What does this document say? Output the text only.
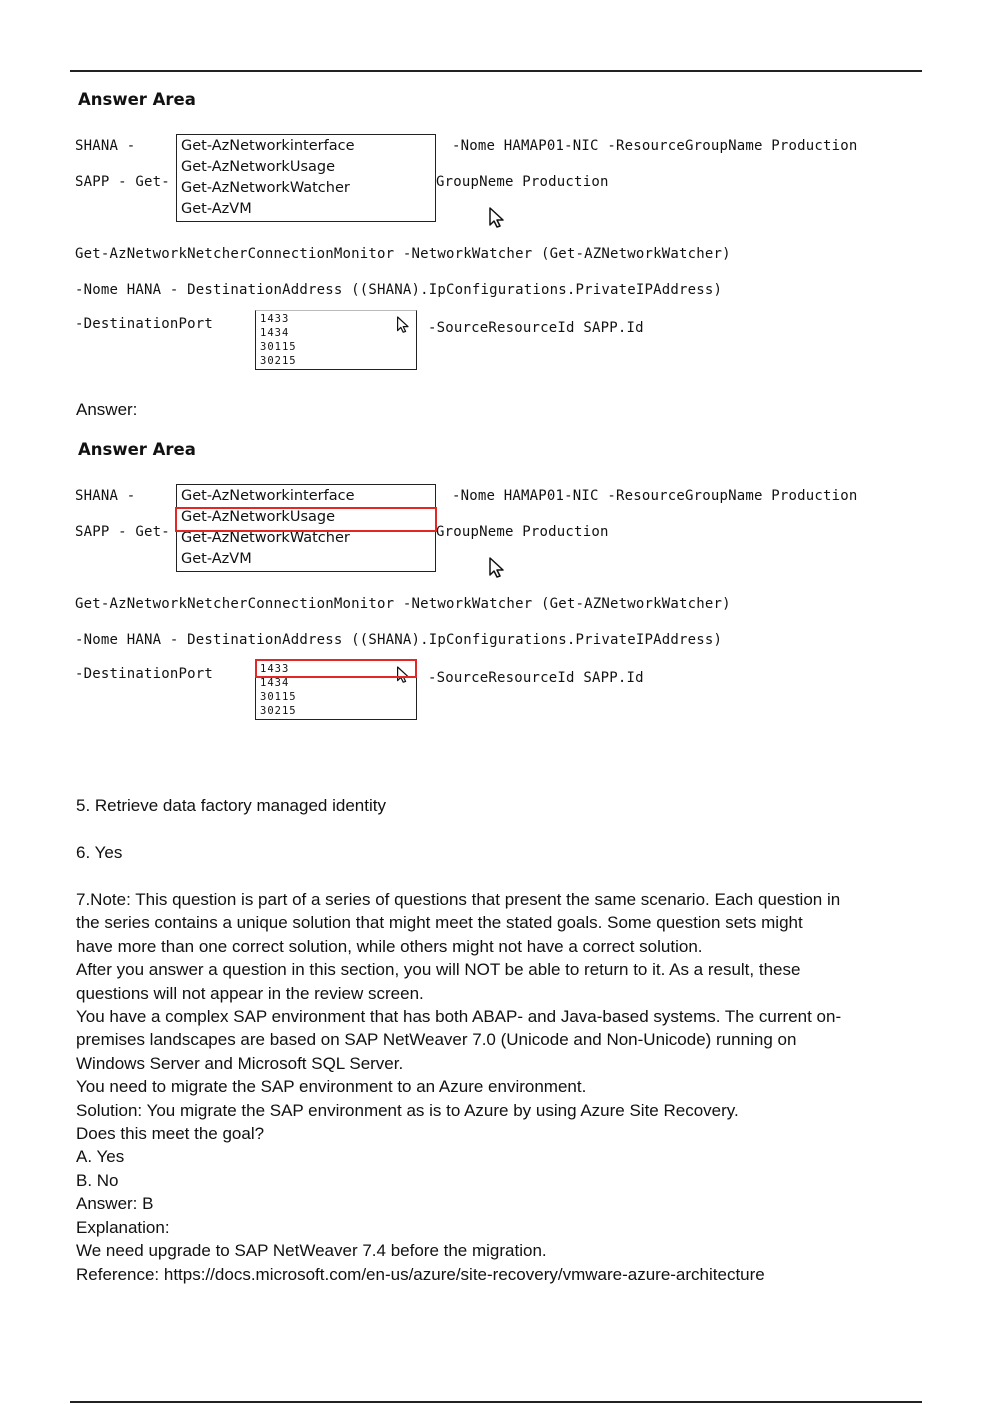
Answer Area
SHANA -
SAPP - Get-
-Nome HAMAP01-NIC -ResourceGroupName Production
GroupNeme Production
Get-AzNetworkinterface
Get-AzNetworkUsage
Get-AzNetworkWatcher
Get-AzVM
Get-AzNetworkNetcherConnectionMonitor -NetworkWatcher (Get-AZNetworkWatcher)
-Nome HANA - DestinationAddress ((SHANA).IpConfigurations.PrivateIPAddress)
-DestinationPort	1433
1434
30115
30215
-SourceResourceId SAPP.Id
Answer:
Answer Area
SHANA -
SAPP - Get-
-Nome HAMAP01-NIC -ResourceGroupName Production
GroupNeme Production
Get-AzNetworkinterface
Get-AzNetworkUsage
Get-AzNetworkWatcher
Get-AzVM
Get-AzNetworkNetcherConnectionMonitor -NetworkWatcher (Get-AZNetworkWatcher)
-Nome HANA - DestinationAddress ((SHANA).IpConfigurations.PrivateIPAddress)
-DestinationPort	1433
1434
30115
30215
-SourceResourceId SAPP.Id
5. Retrieve data factory managed identity
6. Yes
7.Note: This question is part of a series of questions that present the same scenario. Each question in
the series contains a unique solution that might meet the stated goals. Some question sets might
have more than one correct solution, while others might not have a correct solution.
After you answer a question in this section, you will NOT be able to return to it. As a result, these
questions will not appear in the review screen.
You have a complex SAP environment that has both ABAP- and Java-based systems. The current on-
premises landscapes are based on SAP NetWeaver 7.0 (Unicode and Non-Unicode) running on
Windows Server and Microsoft SQL Server.
You need to migrate the SAP environment to an Azure environment.
Solution: You migrate the SAP environment as is to Azure by using Azure Site Recovery.
Does this meet the goal?
A. Yes
B. No
Answer: B
Explanation:
We need upgrade to SAP NetWeaver 7.4 before the migration.
Reference: https://docs.microsoft.com/en-us/azure/site-recovery/vmware-azure-architecture
